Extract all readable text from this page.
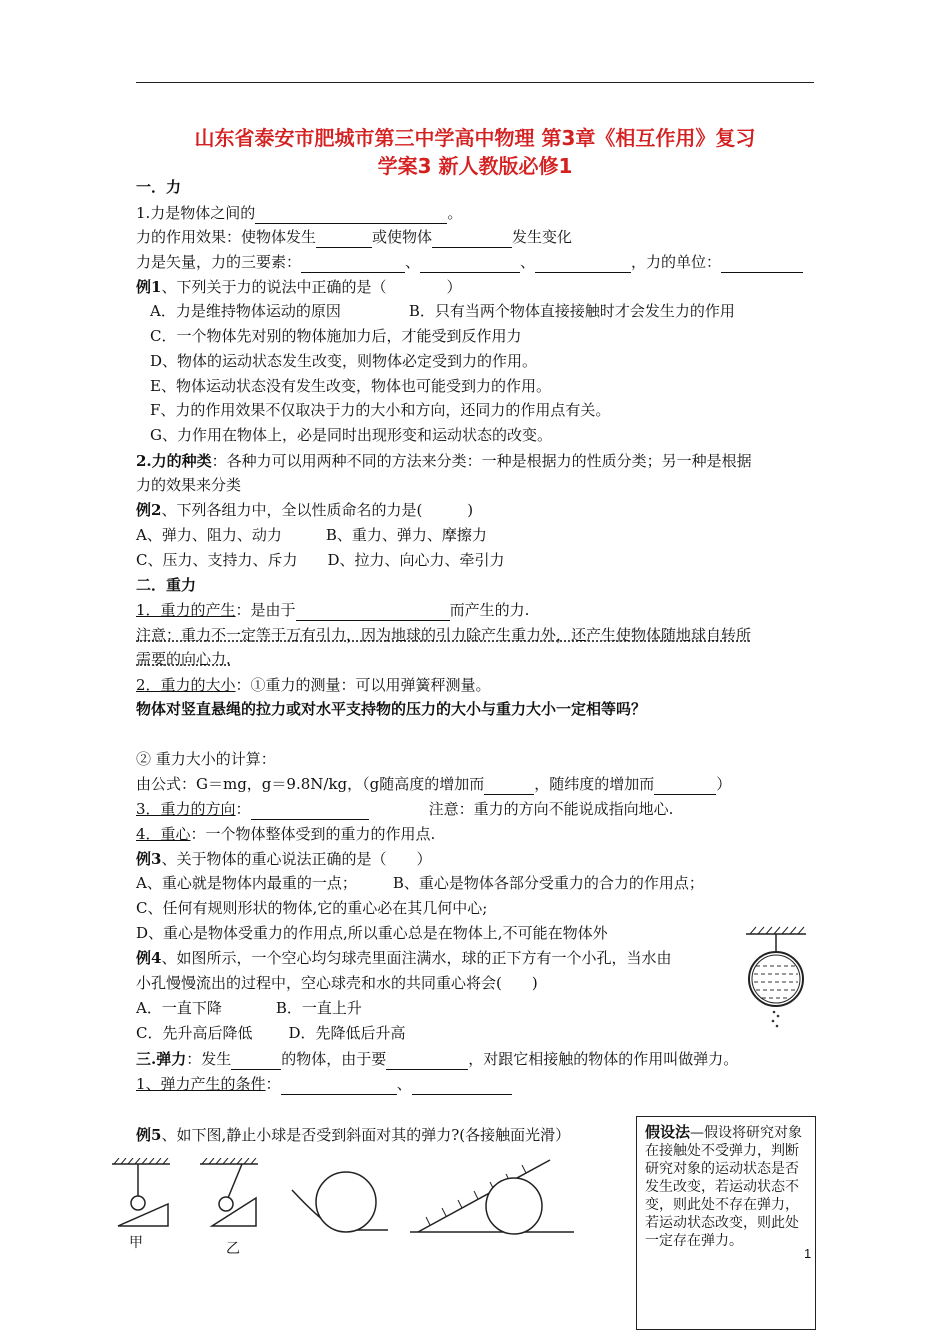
山东省泰安市肥城市第三中学高中物理 第3章《相互作用》复习
学案3 新人教版必修1
一．力
1.力是物体之间的	。
力的作用效果：使物体发生	或使物体	发生变化
力是矢量，力的三要素：	、	、	，力的单位：
例1、下列关于力的说法中正确的是（　　　　）
A．力是维持物体运动的原因	B．只有当两个物体直接接触时才会发生力的作用
C．一个物体先对别的物体施加力后，才能受到反作用力
D、物体的运动状态发生改变，则物体必定受到力的作用。
E、物体运动状态没有发生改变，物体也可能受到力的作用。
F、力的作用效果不仅取决于力的大小和方向，还同力的作用点有关。
G、力作用在物体上，必是同时出现形变和运动状态的改变。
2.力的种类：各种力可以用两种不同的方法来分类：一种是根据力的性质分类；另一种是根据
力的效果来分类
例2、下列各组力中，全以性质命名的力是(　　　)
A、弹力、阻力、动力	B、重力、弹力、摩擦力
C、压力、支持力、斥力 D、拉力、向心力、牵引力
二．重力
1．重力的产生：是由于	而产生的力.
注意：重力不一定等于万有引力，因为地球的引力除产生重力外，还产生使物体随地球自转所
需要的向心力.
2．重力的大小：①重力的测量：可以用弹簧秤测量。
物体对竖直悬绳的拉力或对水平支持物的压力的大小与重力大小一定相等吗？
② 重力大小的计算：
由公式：G＝mg，g＝9.8N/kg，（g随高度的增加而	，随纬度的增加而	）
3．重力的方向：	注意：重力的方向不能说成指向地心.
4．重心：一个物体整体受到的重力的作用点.
例3、关于物体的重心说法正确的是（　　）
A、重心就是物体内最重的一点； B、重心是物体各部分受重力的合力的作用点；
C、任何有规则形状的物体,它的重心必在其几何中心;
D、重心是物体受重力的作用点,所以重心总是在物体上,不可能在物体外
例4、如图所示，一个空心均匀球壳里面注满水，球的正下方有一个小孔，当水由
小孔慢慢流出的过程中，空心球壳和水的共同重心将会(　　)
A．一直下降	B．一直上升
C．先升高后降低 D．先降低后升高
三.弹力：发生	的物体，由于要	，对跟它相接触的物体的作用叫做弹力。
1、弹力产生的条件：	、
例5、如下图,静止小球是否受到斜面对其的弹力?(各接触面光滑）
甲	乙
假设法—假设将研究对象在接触处不受弹力，判断研究对象的运动状态是否发生改变，若运动状态不变，则此处不存在弹力，若运动状态改变，则此处一定存在弹力。
1
